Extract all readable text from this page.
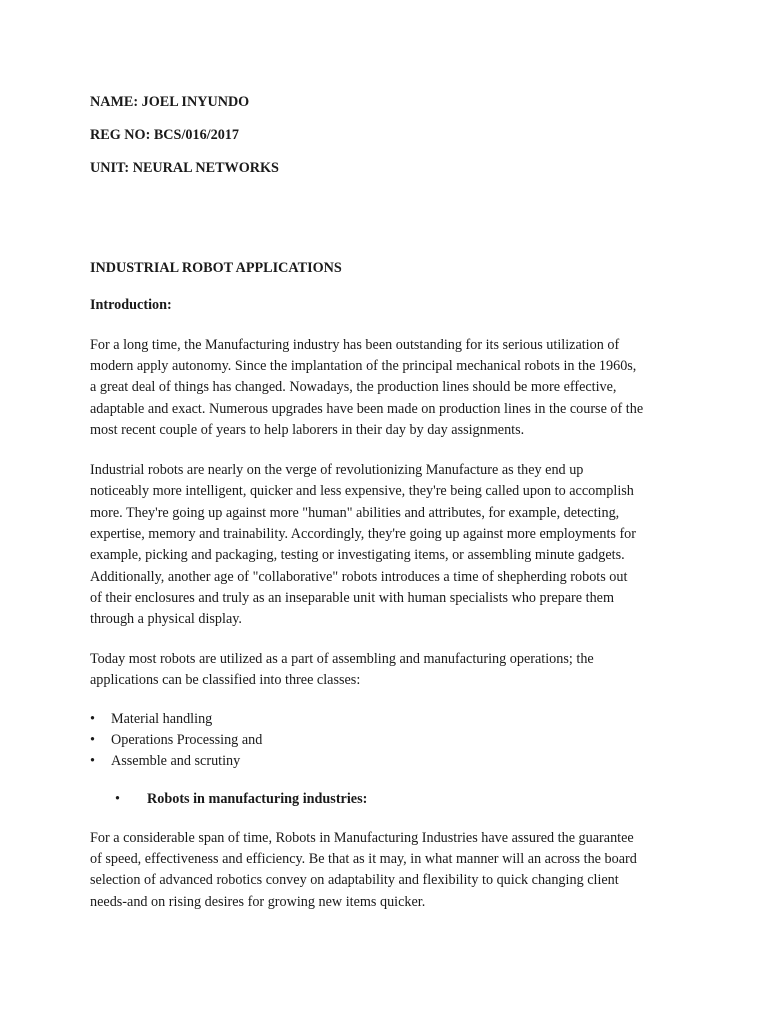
NAME: JOEL INYUNDO
REG NO: BCS/016/2017
UNIT: NEURAL NETWORKS
INDUSTRIAL ROBOT APPLICATIONS
Introduction:
For a long time, the Manufacturing industry has been outstanding for its serious utilization of
modern apply autonomy. Since the implantation of the principal mechanical robots in the 1960s,
a great deal of things has changed. Nowadays, the production lines should be more effective,
adaptable and exact. Numerous upgrades have been made on production lines in the course of the
most recent couple of years to help laborers in their day by day assignments.
Industrial robots are nearly on the verge of revolutionizing Manufacture as they end up
noticeably more intelligent, quicker and less expensive, they're being called upon to accomplish
more. They're going up against more "human" abilities and attributes, for example, detecting,
expertise, memory and trainability. Accordingly, they're going up against more employments for
example, picking and packaging, testing or investigating items, or assembling minute gadgets.
Additionally, another age of "collaborative" robots introduces a time of shepherding robots out
of their enclosures and truly as an inseparable unit with human specialists who prepare them
through a physical display.
Today most robots are utilized as a part of assembling and manufacturing operations; the
applications can be classified into three classes:
• Material handling
• Operations Processing and
• Assemble and scrutiny
• Robots in manufacturing industries:
For a considerable span of time, Robots in Manufacturing Industries have assured the guarantee
of speed, effectiveness and efficiency. Be that as it may, in what manner will an across the board
selection of advanced robotics convey on adaptability and flexibility to quick changing client
needs-and on rising desires for growing new items quicker.
